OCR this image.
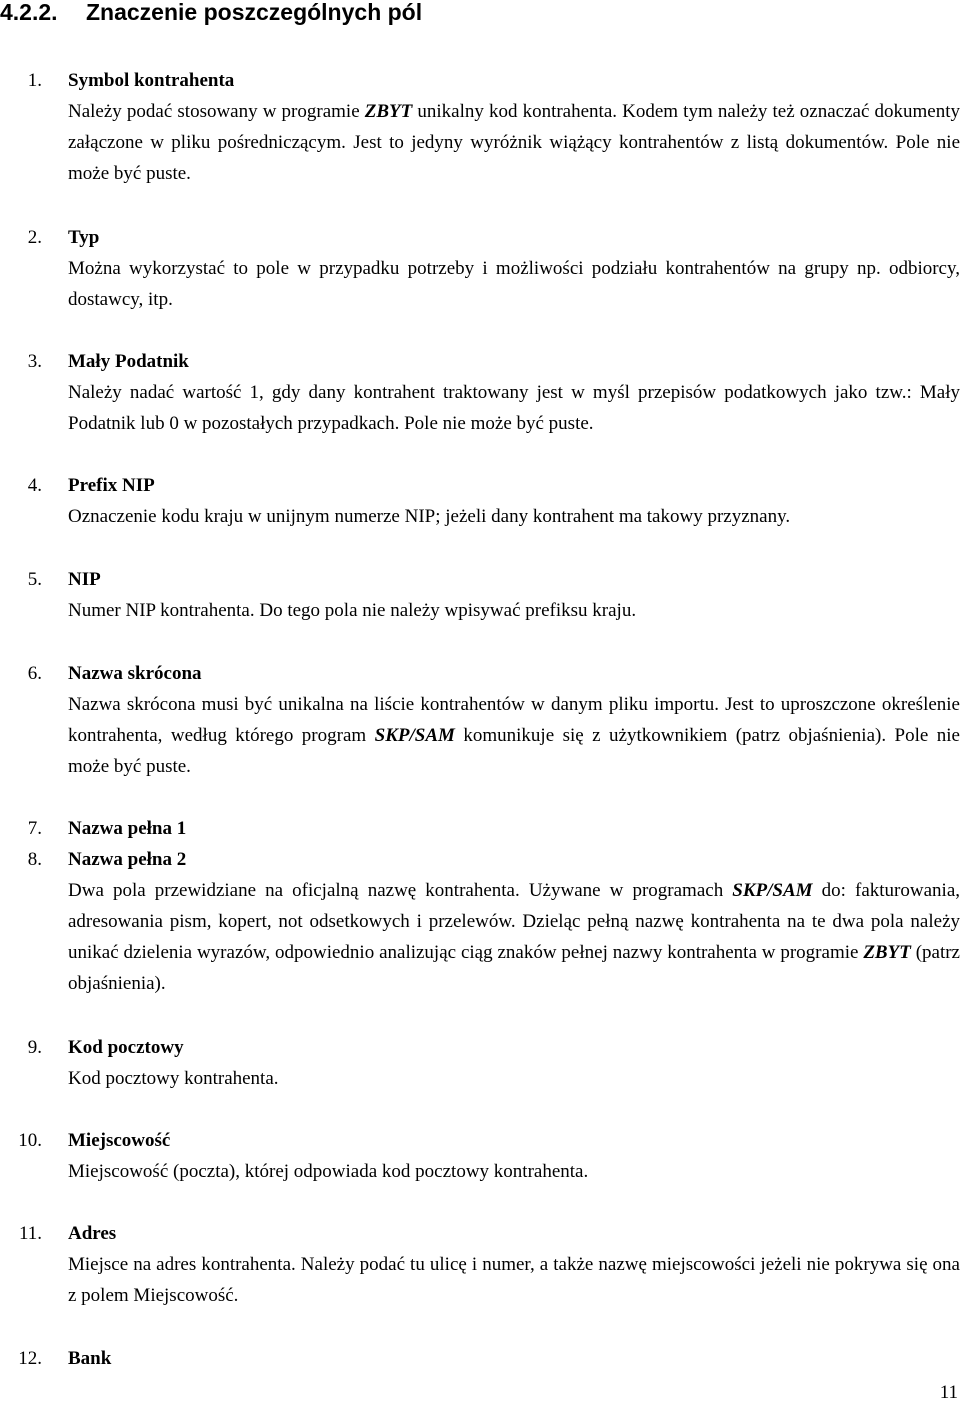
4.2.2. Znaczenie poszczególnych pól
1. Symbol kontrahenta
Należy podać stosowany w programie ZBYT unikalny kod kontrahenta. Kodem tym należy też oznaczać dokumenty załączone w pliku pośredniczącym. Jest to jedyny wyróżnik wiążący kontrahentów z listą dokumentów. Pole nie może być puste.
2. Typ
Można wykorzystać to pole w przypadku potrzeby i możliwości podziału kontrahentów na grupy np. odbiorcy, dostawcy, itp.
3. Mały Podatnik
Należy nadać wartość 1, gdy dany kontrahent traktowany jest w myśl przepisów podatkowych jako tzw.: Mały Podatnik lub 0 w pozostałych przypadkach. Pole nie może być puste.
4. Prefix NIP
Oznaczenie kodu kraju w unijnym numerze NIP; jeżeli dany kontrahent ma takowy przyznany.
5. NIP
Numer NIP kontrahenta. Do tego pola nie należy wpisywać prefiksu kraju.
6. Nazwa skrócona
Nazwa skrócona musi być unikalna na liście kontrahentów w danym pliku importu. Jest to uproszczone określenie kontrahenta, według którego program SKP/SAM komunikuje się z użytkownikiem (patrz objaśnienia). Pole nie może być puste.
7. Nazwa pełna 1
8. Nazwa pełna 2
Dwa pola przewidziane na oficjalną nazwę kontrahenta. Używane w programach SKP/SAM do: fakturowania, adresowania pism, kopert, not odsetkowych i przelewów. Dzieląc pełną nazwę kontrahenta na te dwa pola należy unikać dzielenia wyrazów, odpowiednio analizując ciąg znaków pełnej nazwy kontrahenta w programie ZBYT (patrz objaśnienia).
9. Kod pocztowy
Kod pocztowy kontrahenta.
10. Miejscowość
Miejscowość (poczta), której odpowiada kod pocztowy kontrahenta.
11. Adres
Miejsce na adres kontrahenta. Należy podać tu ulicę i numer, a także nazwę miejscowości jeżeli nie pokrywa się ona z polem Miejscowość.
12. Bank
11
